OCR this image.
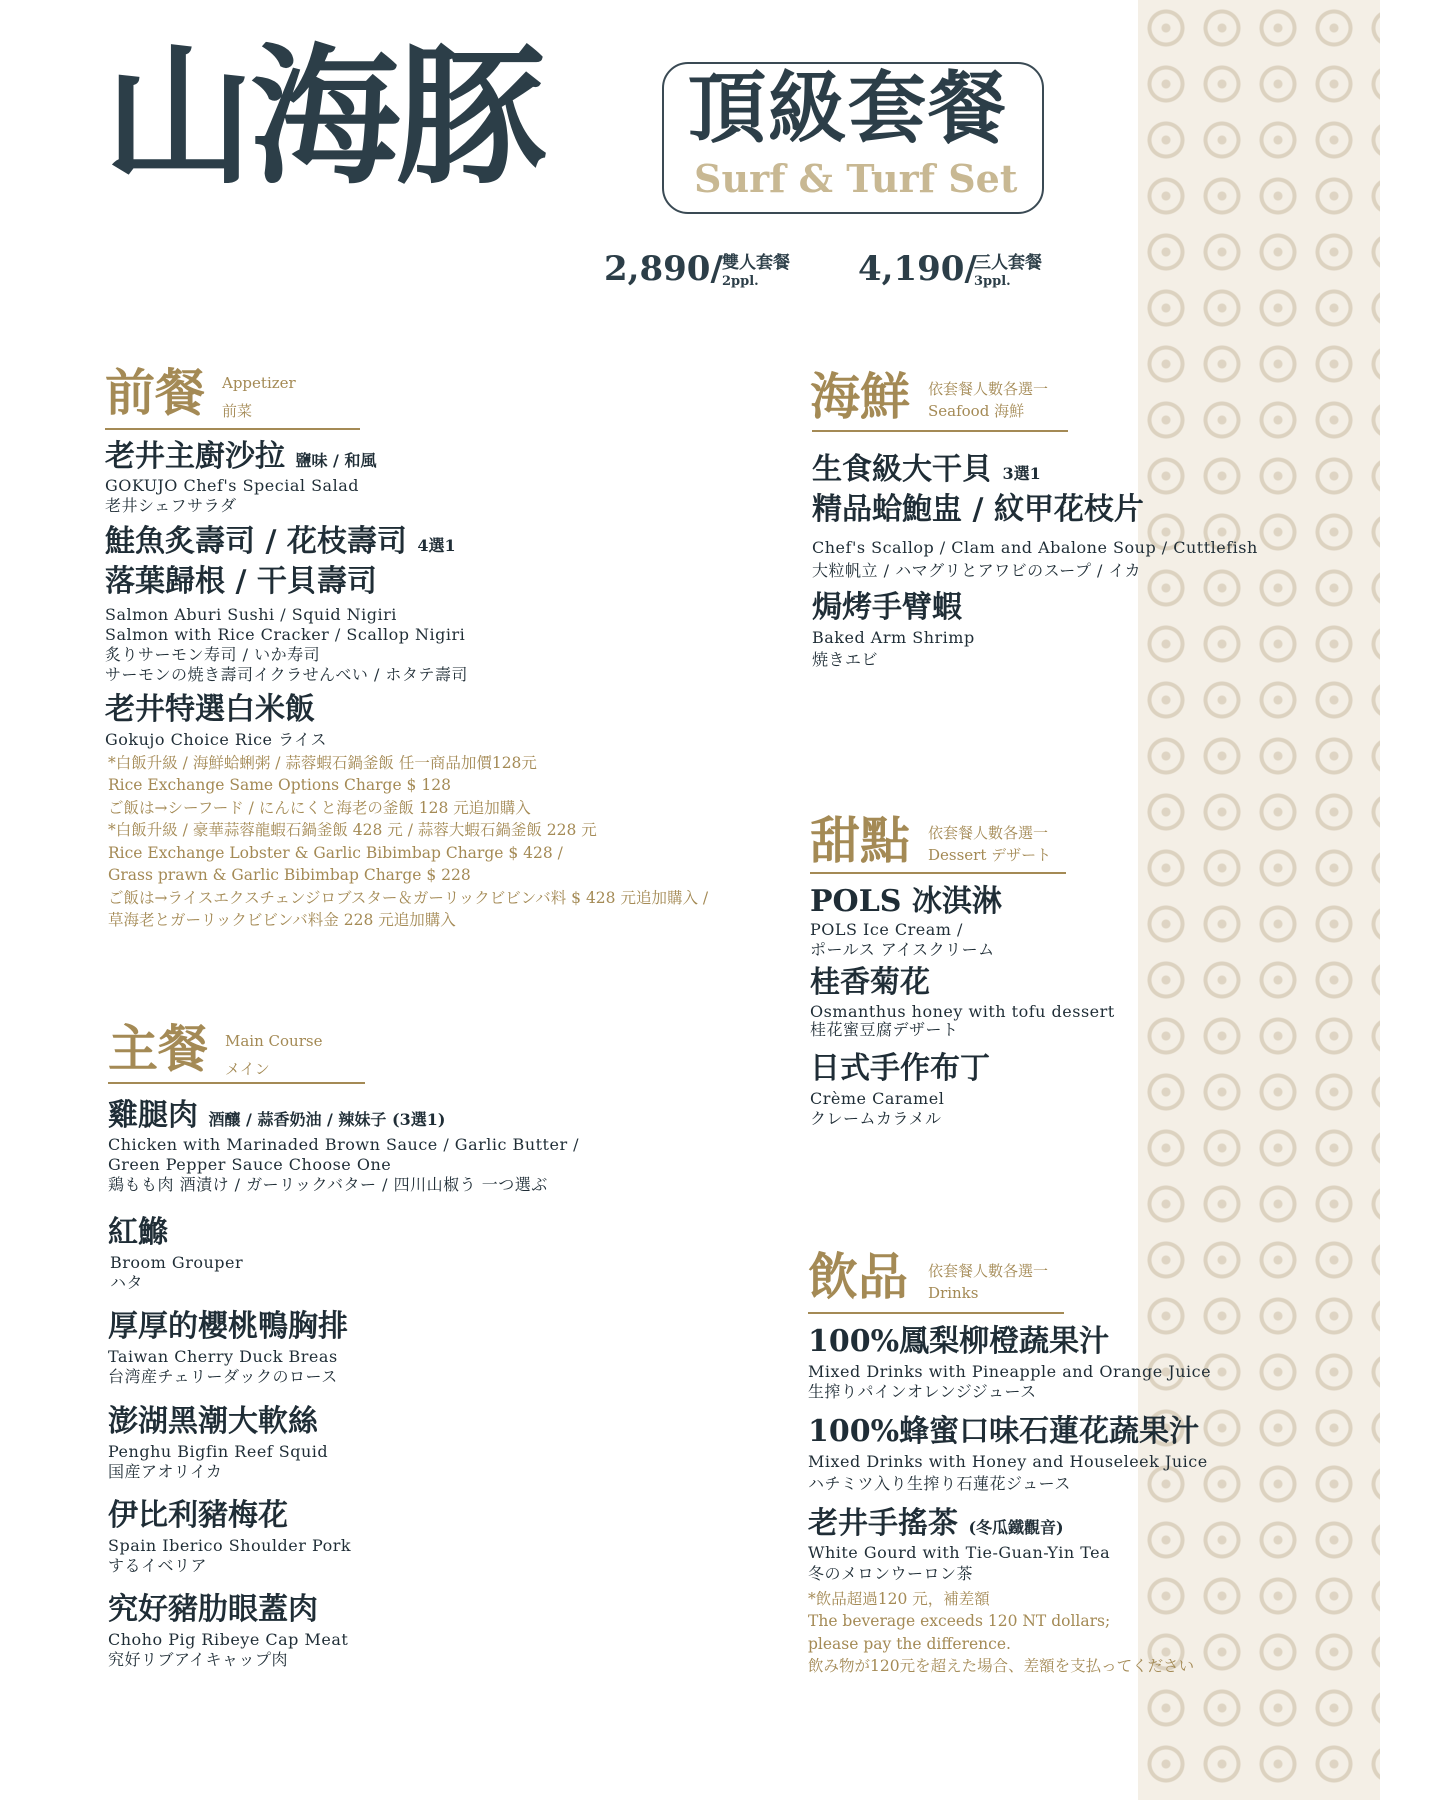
山海豚 頂級套餐
Surf & Turf Set
2,890/ 雙人套餐
2ppl.	4,190/
三人套餐
3ppl.
前餐 Appetizer
前菜
老井主廚沙拉 鹽味 / 和風
GOKUJO Chef's Special Salad
老井シェフサラダ
鮭魚炙壽司 / 花枝壽司 4選1
落葉歸根 / 干貝壽司
Salmon Aburi Sushi / Squid Nigiri
Salmon with Rice Cracker / Scallop Nigiri
炙りサーモン寿司 / いか寿司
サーモンの焼き壽司イクラせんべい / ホタテ壽司
老井特選白米飯
Gokujo Choice Rice ライス
*白飯升級 / 海鮮蛤蜊粥 / 蒜蓉蝦石鍋釜飯 任一商品加價128元
Rice Exchange Same Options Charge $ 128
ご飯は→シーフード / にんにくと海老の釜飯 128 元追加購入
*白飯升級 / 豪華蒜蓉龍蝦石鍋釜飯 428 元 / 蒜蓉大蝦石鍋釜飯 228 元
Rice Exchange Lobster & Garlic Bibimbap Charge $ 428 /
Grass prawn & Garlic Bibimbap Charge $ 228
ご飯は→ライスエクスチェンジロブスター＆ガーリックビビンバ料 $ 428 元追加購入 /
草海老とガーリックビビンバ料金 228 元追加購入
主餐 Main Course
メイン
雞腿肉 酒釀 / 蒜香奶油 / 辣妹子 (3選1)
Chicken with Marinaded Brown Sauce / Garlic Butter /
Green Pepper Sauce Choose One
鶏もも肉 酒漬け / ガーリックバター / 四川山椒う 一つ選ぶ
紅鰷
Broom Grouper
ハタ
厚厚的櫻桃鴨胸排
Taiwan Cherry Duck Breas
台湾産チェリーダックのロース
澎湖黑潮大軟絲
Penghu Bigfin Reef Squid
国産アオリイカ
伊比利豬梅花
Spain Iberico Shoulder Pork
するイベリア
究好豬肋眼蓋肉
Choho Pig Ribeye Cap Meat
究好リブアイキャップ肉
海鮮 依套餐人數各選一
Seafood 海鮮
生食級大干貝 3選1
精品蛤鮑盅 / 紋甲花枝片
Chef's Scallop / Clam and Abalone Soup / Cuttlefish
大粒帆立 / ハマグリとアワビのスープ / イカ
焗烤手臂蝦
Baked Arm Shrimp
焼きエビ
甜點 依套餐人數各選一
Dessert デザート
POLS 冰淇淋
POLS Ice Cream /
ポールス アイスクリーム
桂香菊花
Osmanthus honey with tofu dessert
桂花蜜豆腐デザート
日式手作布丁
Crème Caramel
クレームカラメル
飲品 依套餐人數各選一
Drinks
100%鳳梨柳橙蔬果汁
Mixed Drinks with Pineapple and Orange Juice
生搾りパインオレンジジュース
100%蜂蜜口味石蓮花蔬果汁
Mixed Drinks with Honey and Houseleek Juice
ハチミツ入り生搾り石蓮花ジュース
老井手搖茶 (冬瓜鐵觀音)
White Gourd with Tie-Guan-Yin Tea
冬のメロンウーロン茶
*飲品超過120 元，補差額
The beverage exceeds 120 NT dollars;
please pay the difference.
飲み物が120元を超えた場合、差額を支払ってください
